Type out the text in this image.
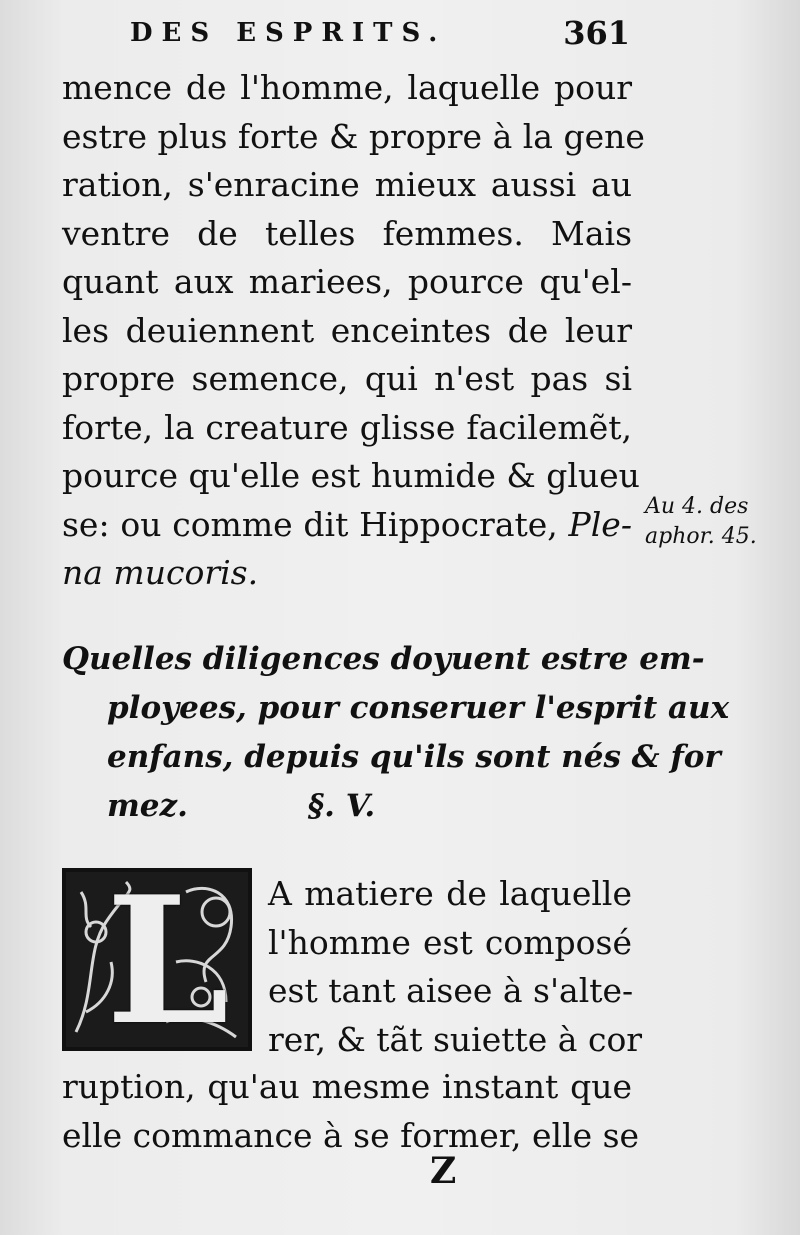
DES ESPRITS.	361
mence de l'homme, laquelle pour
estre plus forte & propre à la gene
ration, s'enracine mieux aussi au
ventre de telles femmes. Mais
quant aux mariees, pource qu'el-
les deuiennent enceintes de leur
propre semence, qui n'est pas si
forte, la creature glisse facilemẽt,
pource qu'elle est humide & glueu
se: ou comme dit Hippocrate, Ple-
na mucoris.
Au 4. des
aphor. 45.
Quelles diligences doyuent estre em-
ployees, pour conseruer l'esprit aux
enfans, depuis qu'ils sont nés & for
mez.	§. V.
L A matiere de laquelle
l'homme est composé
est tant aisee à s'alte-
rer, & tãt suiette à cor
ruption, qu'au mesme instant que
elle commance à se former, elle se
Z
